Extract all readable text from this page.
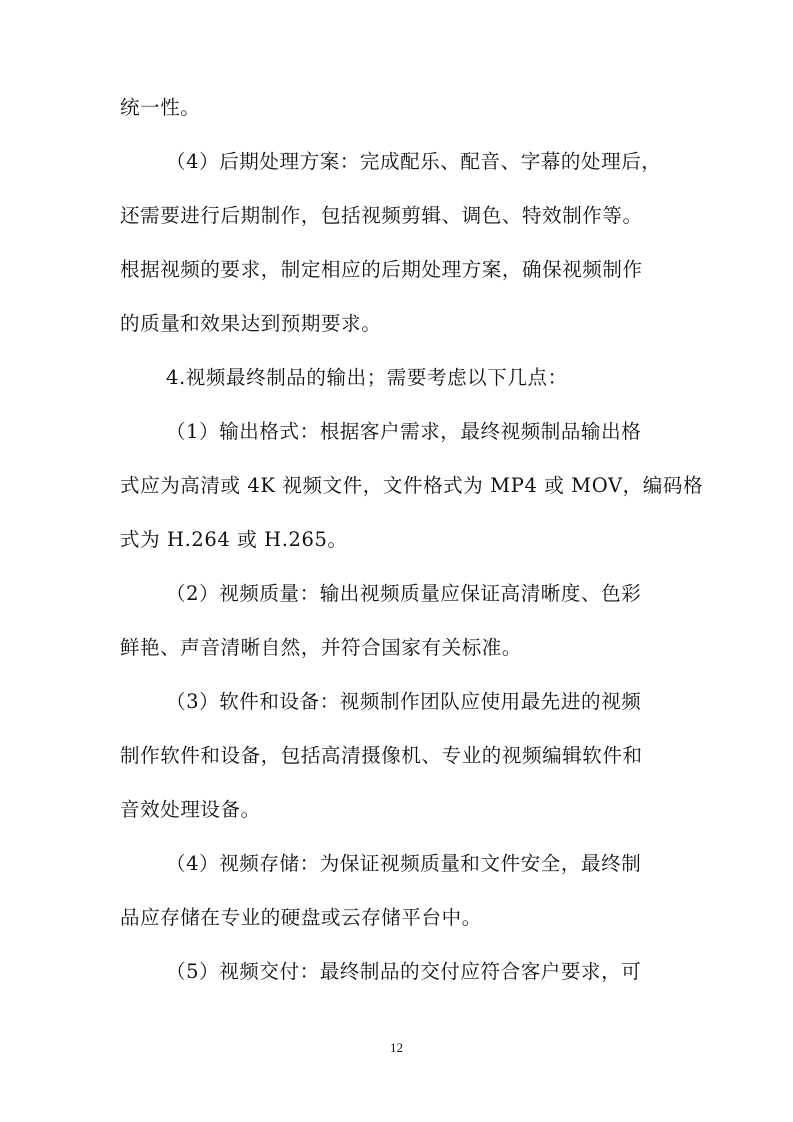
统一性。
（4）后期处理方案：完成配乐、配音、字幕的处理后，
还需要进行后期制作，包括视频剪辑、调色、特效制作等。
根据视频的要求，制定相应的后期处理方案，确保视频制作
的质量和效果达到预期要求。
4.视频最终制品的输出；需要考虑以下几点：
（1）输出格式：根据客户需求，最终视频制品输出格
式应为高清或 4K 视频文件，文件格式为 MP4 或 MOV，编码格
式为 H.264 或 H.265。
（2）视频质量：输出视频质量应保证高清晰度、色彩
鲜艳、声音清晰自然，并符合国家有关标准。
（3）软件和设备：视频制作团队应使用最先进的视频
制作软件和设备，包括高清摄像机、专业的视频编辑软件和
音效处理设备。
（4）视频存储：为保证视频质量和文件安全，最终制
品应存储在专业的硬盘或云存储平台中。
（5）视频交付：最终制品的交付应符合客户要求，可
12
